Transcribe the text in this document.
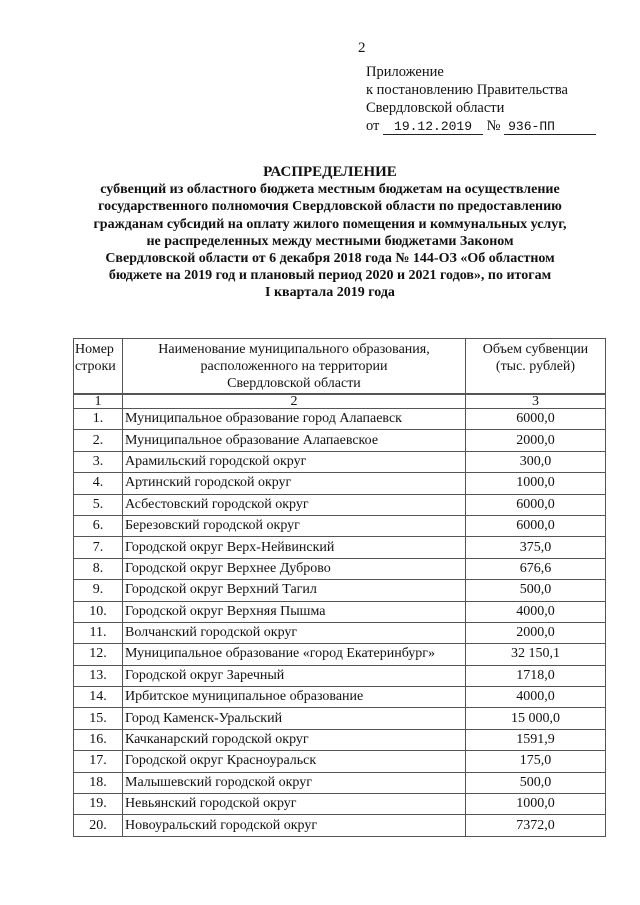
2
Приложение
к постановлению Правительства
Свердловской области
от 19.12.2019 № 936-ПП
РАСПРЕДЕЛЕНИЕ
субвенций из областного бюджета местным бюджетам на осуществление
государственного полномочия Свердловской области по предоставлению
гражданам субсидий на оплату жилого помещения и коммунальных услуг,
не распределенных между местными бюджетами Законом
Свердловской области от 6 декабря 2018 года № 144-ОЗ «Об областном
бюджете на 2019 год и плановый период 2020 и 2021 годов», по итогам
I квартала 2019 года
Номер
строки	Наименование муниципального образования,
расположенного на территории
Свердловской области	Объем субвенции
(тыс. рублей)
1	2	3
1.	Муниципальное образование город Алапаевск	6000,0
2.	Муниципальное образование Алапаевское	2000,0
3.	Арамильский городской округ	300,0
4.	Артинский городской округ	1000,0
5.	Асбестовский городской округ	6000,0
6.	Березовский городской округ	6000,0
7.	Городской округ Верх-Нейвинский	375,0
8.	Городской округ Верхнее Дуброво	676,6
9.	Городской округ Верхний Тагил	500,0
10.	Городской округ Верхняя Пышма	4000,0
11.	Волчанский городской округ	2000,0
12.	Муниципальное образование «город Екатеринбург»	32 150,1
13.	Городской округ Заречный	1718,0
14.	Ирбитское муниципальное образование	4000,0
15.	Город Каменск-Уральский	15 000,0
16.	Качканарский городской округ	1591,9
17.	Городской округ Красноуральск	175,0
18.	Малышевский городской округ	500,0
19.	Невьянский городской округ	1000,0
20.	Новоуральский городской округ	7372,0
